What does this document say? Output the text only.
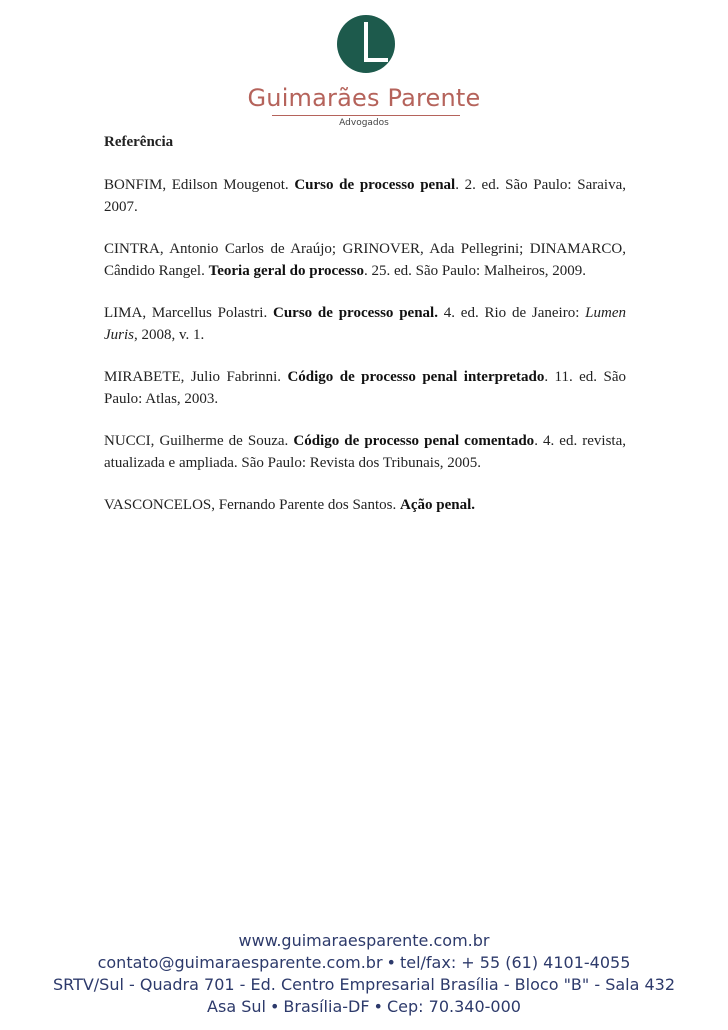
Guimarães Parente
Advogados

Referência

BONFIM, Edilson Mougenot. Curso de processo penal. 2. ed. São Paulo: Saraiva, 2007.

CINTRA, Antonio Carlos de Araújo; GRINOVER, Ada Pellegrini; DINAMARCO, Cândido Rangel. Teoria geral do processo. 25. ed. São Paulo: Malheiros, 2009.

LIMA, Marcellus Polastri. Curso de processo penal. 4. ed. Rio de Janeiro: Lumen Juris, 2008, v. 1.

MIRABETE, Julio Fabrinni. Código de processo penal interpretado. 11. ed. São Paulo: Atlas, 2003.

NUCCI, Guilherme de Souza. Código de processo penal comentado. 4. ed. revista, atualizada e ampliada. São Paulo: Revista dos Tribunais, 2005.

VASCONCELOS, Fernando Parente dos Santos. Ação penal.

www.guimaraesparente.com.br
contato@guimaraesparente.com.br • tel/fax: + 55 (61) 4101-4055
SRTV/Sul - Quadra 701 - Ed. Centro Empresarial Brasília - Bloco "B" - Sala 432
Asa Sul • Brasília-DF • Cep: 70.340-000
